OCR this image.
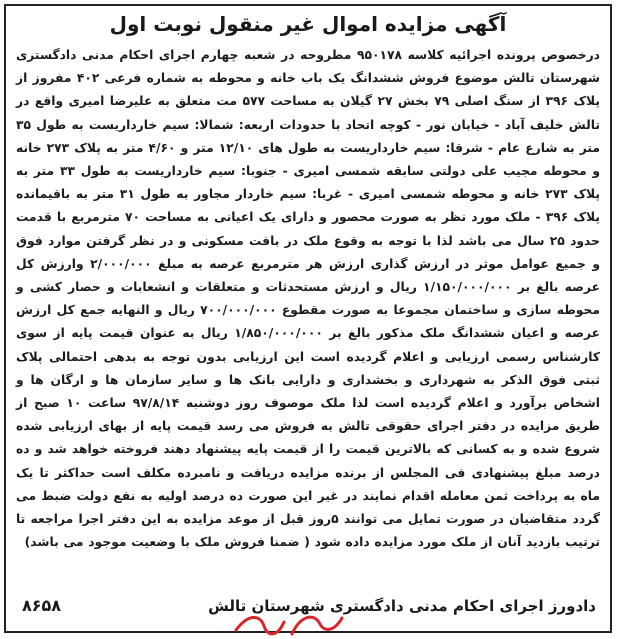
آگهی مزایده اموال غیر منقول نوبت اول
درخصوص پرونده اجرائیه کلاسه ۹۵۰۱۷۸ مطروحه در شعبه چهارم اجرای احکام مدنی دادگستری شهرستان تالش موضوع فروش ششدانگ یک باب خانه و محوطه به شماره فرعی ۴۰۲ مفروز از پلاک ۳۹۶ از سنگ اصلی ۷۹ بخش ۲۷ گیلان به مساحت ۵۷۷ مت متعلق به علیرضا امیری واقع در تالش خلیف آباد - خیابان نور - کوچه اتحاد با حدودات اربعه: شمالا: سیم خارداریست به طول ۳۵ متر به شارع عام - شرقا: سیم خارداریست به طول های ۱۲/۱۰ متر و ۴/۶۰ متر به پلاک ۲۷۳ خانه و محوطه مجیب علی دولتی سابقه شمسی امیری - جنوبا: سیم خارداریست به طول ۳۳ متر به پلاک ۲۷۳ خانه و محوطه شمسی امیری - غربا: سیم خاردار مجاور به طول ۳۱ متر به باقیمانده پلاک ۳۹۶ - ملک مورد نظر به صورت محصور و دارای یک اعیانی به مساحت ۷۰ مترمربع با قدمت حدود ۲۵ سال می باشد لذا با توجه به وقوع ملک در بافت مسکونی و در نظر گرفتن موارد فوق و جمیع عوامل موثر در ارزش گذاری ارزش هر مترمربع عرصه به مبلغ ۲/۰۰۰/۰۰۰ وارزش کل عرصه بالغ بر ۱/۱۵۰/۰۰۰/۰۰۰ ریال و ارزش مستحدثات و متعلقات و انشعابات و حصار کشی و محوطه سازی و ساختمان مجموعا به صورت مقطوع ۷۰۰/۰۰۰/۰۰۰ ریال و النهایه جمع کل ارزش عرصه و اعیان ششدانگ ملک مذکور بالغ بر ۱/۸۵۰/۰۰۰/۰۰۰ ریال به عنوان قیمت پایه از سوی کارشناس رسمی ارزیابی و اعلام گردیده است این ارزیابی بدون توجه به بدهی احتمالی پلاک ثبتی فوق الذکر به شهرداری و بخشداری و دارایی بانک ها و سایر سازمان ها و ارگان ها و اشخاص برآورد و اعلام گردیده است لذا ملک موصوف روز دوشنبه ۹۷/۸/۱۴ ساعت ۱۰ صبح از طریق مزایده در دفتر اجرای حقوقی تالش به فروش می رسد قیمت پایه از بهای ارزیابی شده شروع شده و به کسانی که بالاترین قیمت را از قیمت پایه پیشنهاد دهند فروخته خواهد شد و ده درصد مبلغ پیشنهادی فی المجلس از برنده مزایده دریافت و نامبرده مکلف است حداکثر تا یک ماه به پرداخت ثمن معامله اقدام نمایند در غیر این صورت ده درصد اولیه به نفع دولت ضبط می گردد متقاضیان در صورت تمایل می توانند ۵روز قبل از موعد مزایده به این دفتر اجرا مراجعه تا ترتیب بازدید آنان از ملک مورد مزایده داده شود ( ضمنا فروش ملک با وضعیت موجود می باشد)
دادورز اجرای احکام مدنی دادگستری شهرستان تالش
۸۶۵۸
